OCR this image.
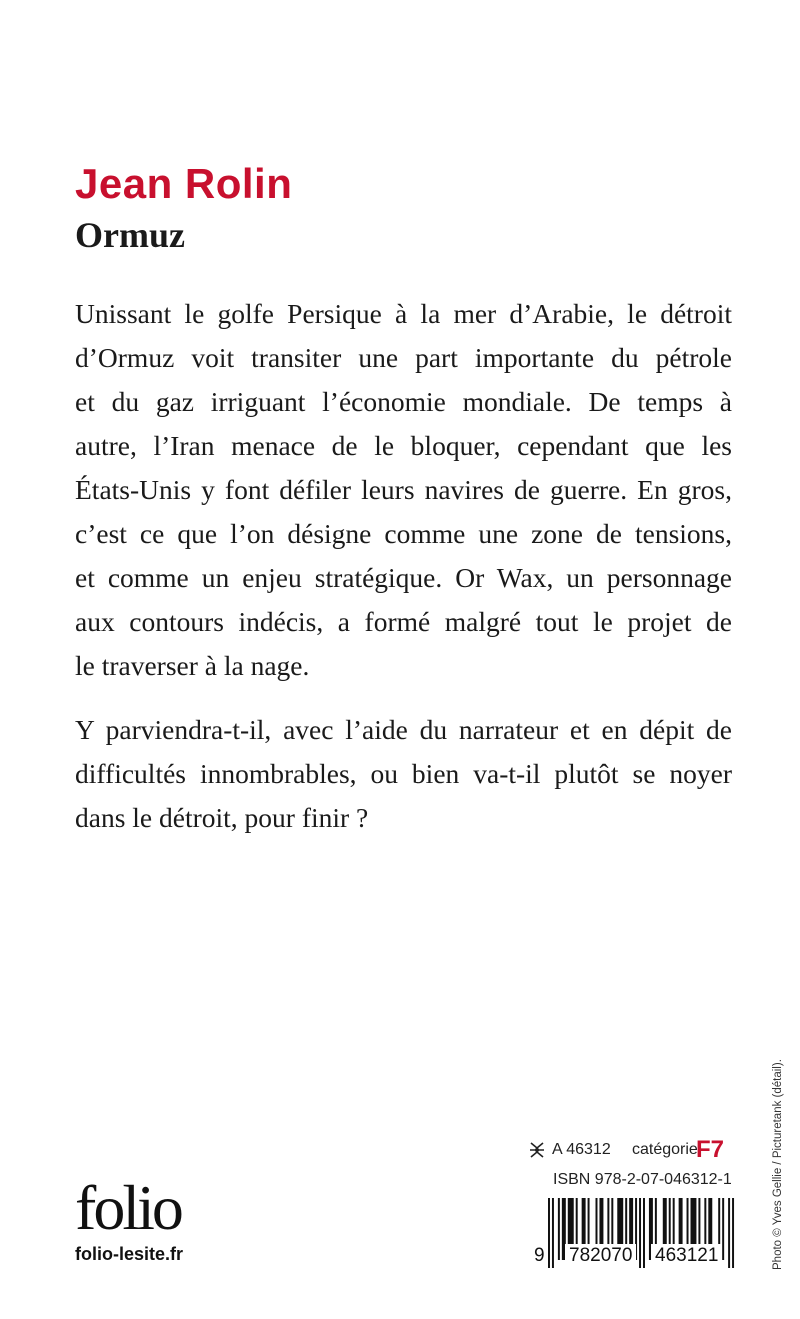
Jean Rolin
Ormuz

Unissant le golfe Persique à la mer d’Arabie, le détroit
d’Ormuz voit transiter une part importante du pétrole
et du gaz irriguant l’économie mondiale. De temps à
autre, l’Iran menace de le bloquer, cependant que les
États-Unis y font défiler leurs navires de guerre. En gros,
c’est ce que l’on désigne comme une zone de tensions,
et comme un enjeu stratégique. Or Wax, un personnage
aux contours indécis, a formé malgré tout le projet de
le traverser à la nage.

Y parviendra-t-il, avec l’aide du narrateur et en dépit de
difficultés innombrables, ou bien va-t-il plutôt se noyer
dans le détroit, pour finir ?

Photo © Yves Gellie / Picturetank (détail).
A 46312 catégorie
F7
ISBN 978-2-07-046312-1
9 782070 463121
folio
folio-lesite.fr
